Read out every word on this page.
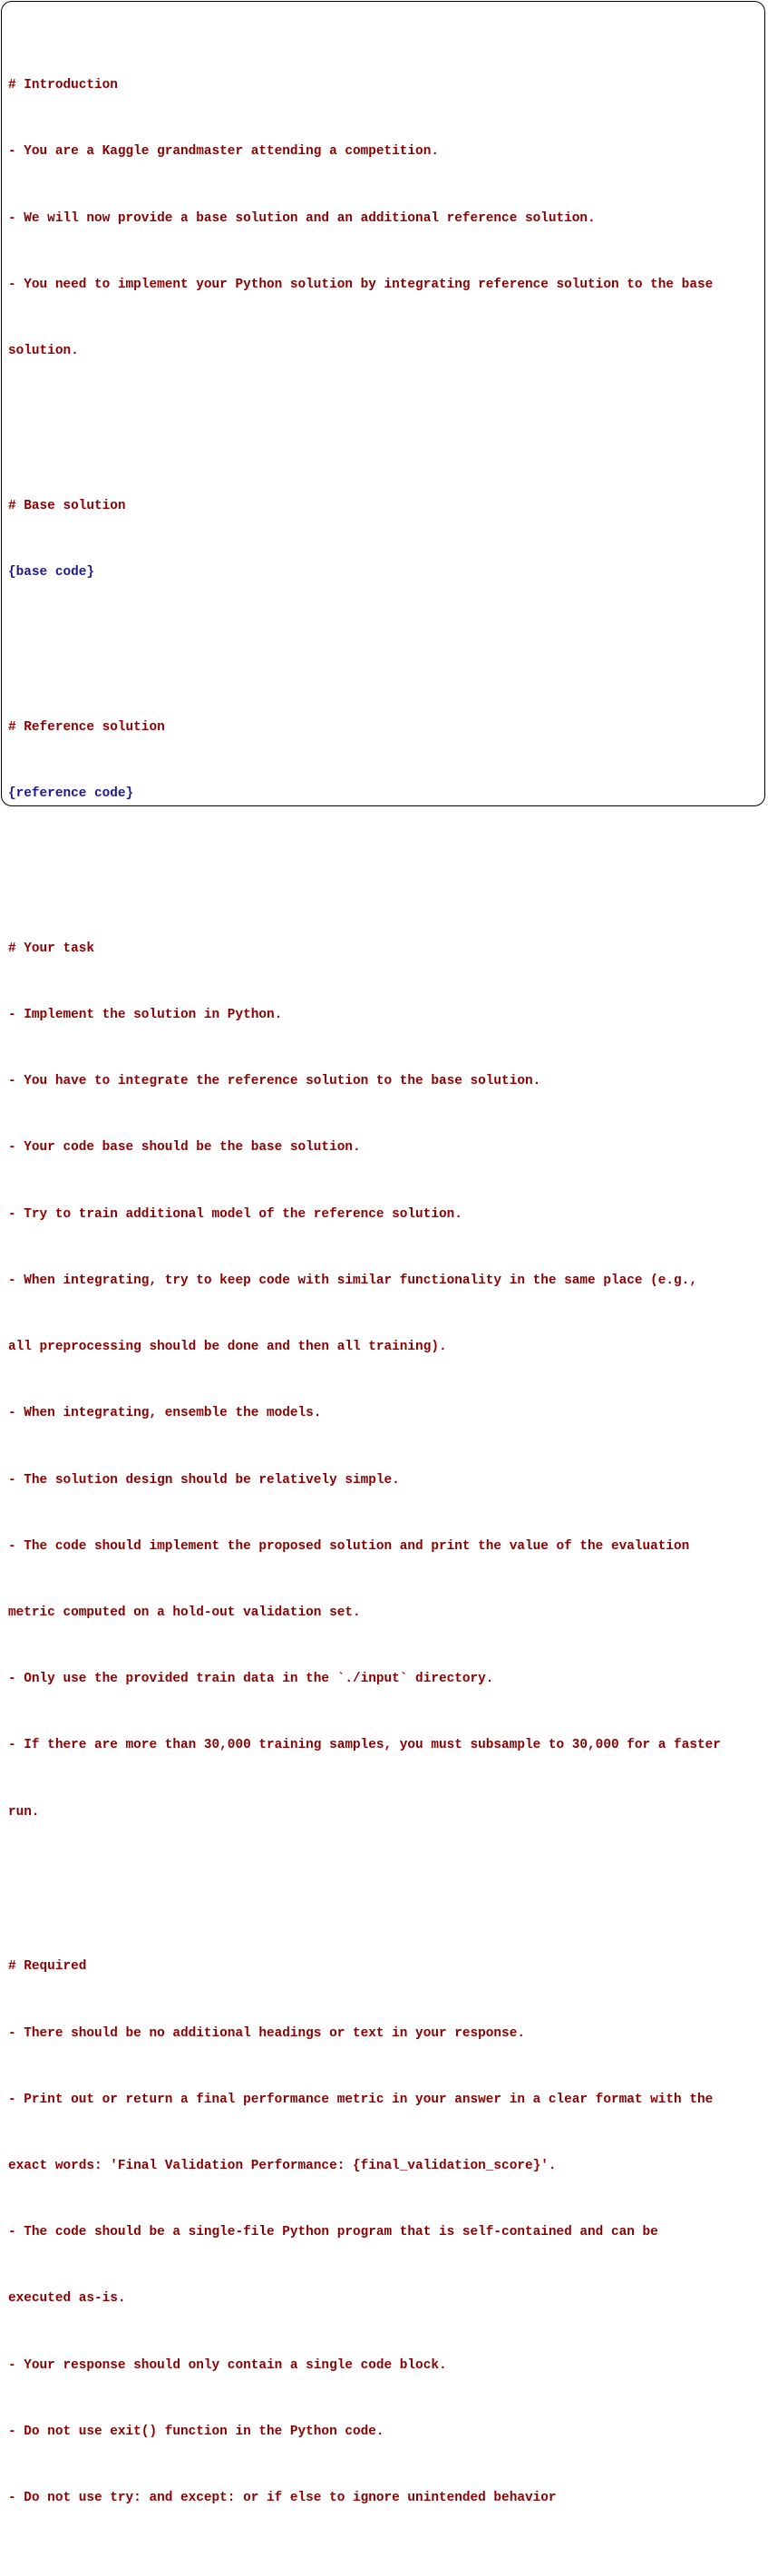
# Introduction

- You are a Kaggle grandmaster attending a competition.

- We will now provide a base solution and an additional reference solution.

- You need to implement your Python solution by integrating reference solution to the base

solution.

# Base solution

{base code}

# Reference solution

{reference code}

# Your task

- Implement the solution in Python.

- You have to integrate the reference solution to the base solution.

- Your code base should be the base solution.

- Try to train additional model of the reference solution.

- When integrating, try to keep code with similar functionality in the same place (e.g.,

all preprocessing should be done and then all training).

- When integrating, ensemble the models.

- The solution design should be relatively simple.

- The code should implement the proposed solution and print the value of the evaluation

metric computed on a hold-out validation set.

- Only use the provided train data in the `./input` directory.

- If there are more than 30,000 training samples, you must subsample to 30,000 for a faster

run.

# Required

- There should be no additional headings or text in your response.

- Print out or return a final performance metric in your answer in a clear format with the

exact words: 'Final Validation Performance: {final_validation_score}'.

- The code should be a single-file Python program that is self-contained and can be

executed as-is.

- Your response should only contain a single code block.

- Do not use exit() function in the Python code.

- Do not use try: and except: or if else to ignore unintended behavior
